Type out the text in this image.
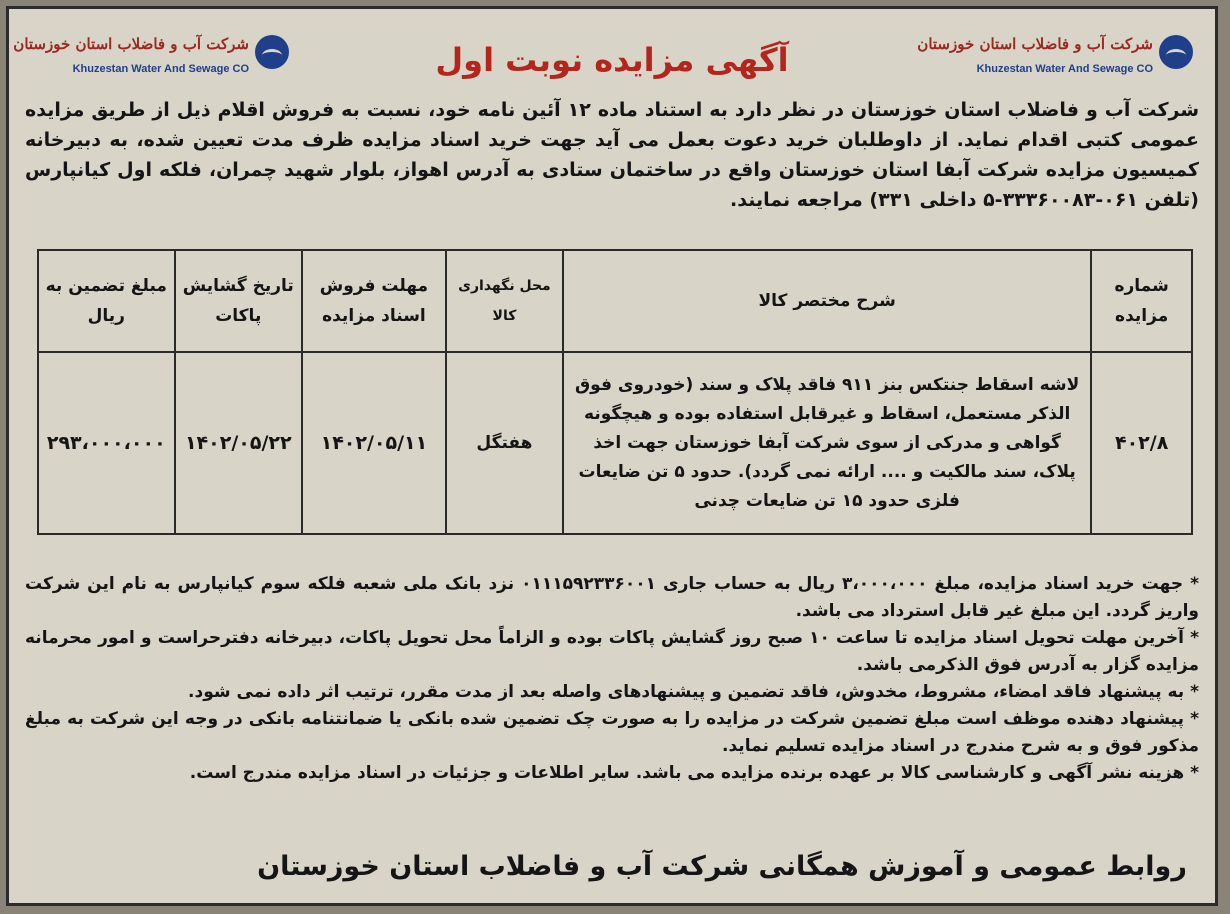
شرکت آب و فاضلاب استان خوزستان
Khuzestan Water And Sewage CO
آگهی مزایده نوبت اول
شرکت آب و فاضلاب استان خوزستان
Khuzestan Water And Sewage CO
شرکت آب و فاضلاب استان خوزستان در نظر دارد به استناد ماده ۱۲ آئین نامه خود، نسبت به فروش اقلام ذیل از طریق مزایده عمومی کتبی اقدام نماید. از داوطلبان خرید دعوت بعمل می آید جهت خرید اسناد مزایده ظرف مدت تعیین شده، به دبیرخانه کمیسیون مزایده شرکت آبفا استان خوزستان واقع در ساختمان ستادی به آدرس اهواز، بلوار شهید چمران، فلکه اول کیانپارس (تلفن ۰۶۱-۳۳۳۶۰۰۸۳-۵ داخلی ۳۳۱) مراجعه نمایند.
شماره مزایده	شرح مختصر کالا	محل نگهداری کالا	مهلت فروش اسناد مزایده	تاریخ گشایش پاکات	مبلغ تضمین به ریال
۴۰۲/۸	لاشه اسقاط جنتکس بنز ۹۱۱ فاقد پلاک و سند (خودروی فوق الذکر مستعمل، اسقاط و غیرقابل استفاده بوده و هیچگونه گواهی و مدرکی از سوی شرکت آبفا خوزستان جهت اخذ پلاک، سند مالکیت و .... ارائه نمی گردد). حدود ۵ تن ضایعات فلزی حدود ۱۵ تن ضایعات چدنی	هفتگل	۱۴۰۲/۰۵/۱۱	۱۴۰۲/۰۵/۲۲	۲۹۳،۰۰۰،۰۰۰

* جهت خرید اسناد مزایده، مبلغ ۳،۰۰۰،۰۰۰ ریال به حساب جاری ۰۱۱۱۵۹۲۳۳۶۰۰۱ نزد بانک ملی شعبه فلکه سوم کیانپارس به نام این شرکت واریز گردد. این مبلغ غیر قابل استرداد می باشد.

* آخرین مهلت تحویل اسناد مزایده تا ساعت ۱۰ صبح روز گشایش پاکات بوده و الزاماً محل تحویل پاکات، دبیرخانه دفترحراست و امور محرمانه مزایده گزار به آدرس فوق الذکرمی باشد.

* به پیشنهاد فاقد امضاء، مشروط، مخدوش، فاقد تضمین و پیشنهادهای واصله بعد از مدت مقرر، ترتیب اثر داده نمی شود.

* پیشنهاد دهنده موظف است مبلغ تضمین شرکت در مزایده را به صورت چک تضمین شده بانکی یا ضمانتنامه بانکی در وجه این شرکت به مبلغ مذکور فوق و به شرح مندرج در اسناد مزایده تسلیم نماید.

* هزینه نشر آگهی و کارشناسی کالا بر عهده برنده مزایده می باشد. سایر اطلاعات و جزئیات در اسناد مزایده مندرج است.

روابط عمومی و آموزش همگانی شرکت آب و فاضلاب استان خوزستان
